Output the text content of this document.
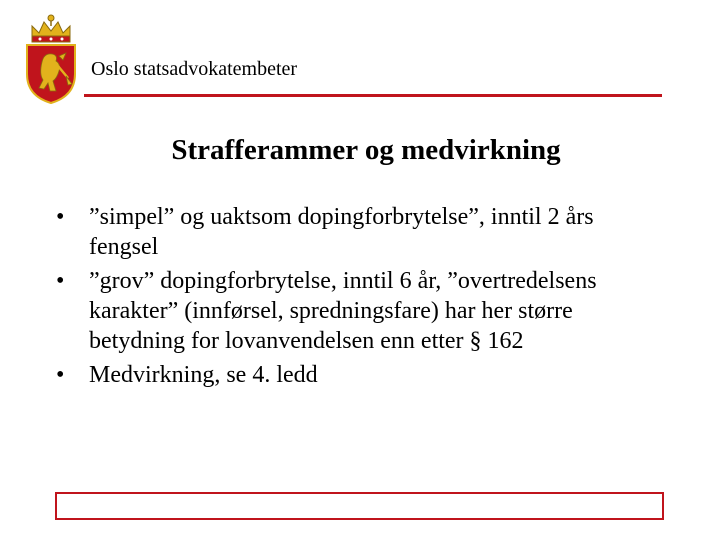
Oslo statsadvokatembeter
Strafferammer og medvirkning
•	”simpel” og uaktsom dopingforbrytelse”, inntil 2 års fengsel
•	”grov” dopingforbrytelse, inntil 6 år, ”overtredelsens karakter” (innførsel, spredningsfare) har her større betydning for lovanvendelsen enn etter § 162
•	Medvirkning, se 4. ledd
